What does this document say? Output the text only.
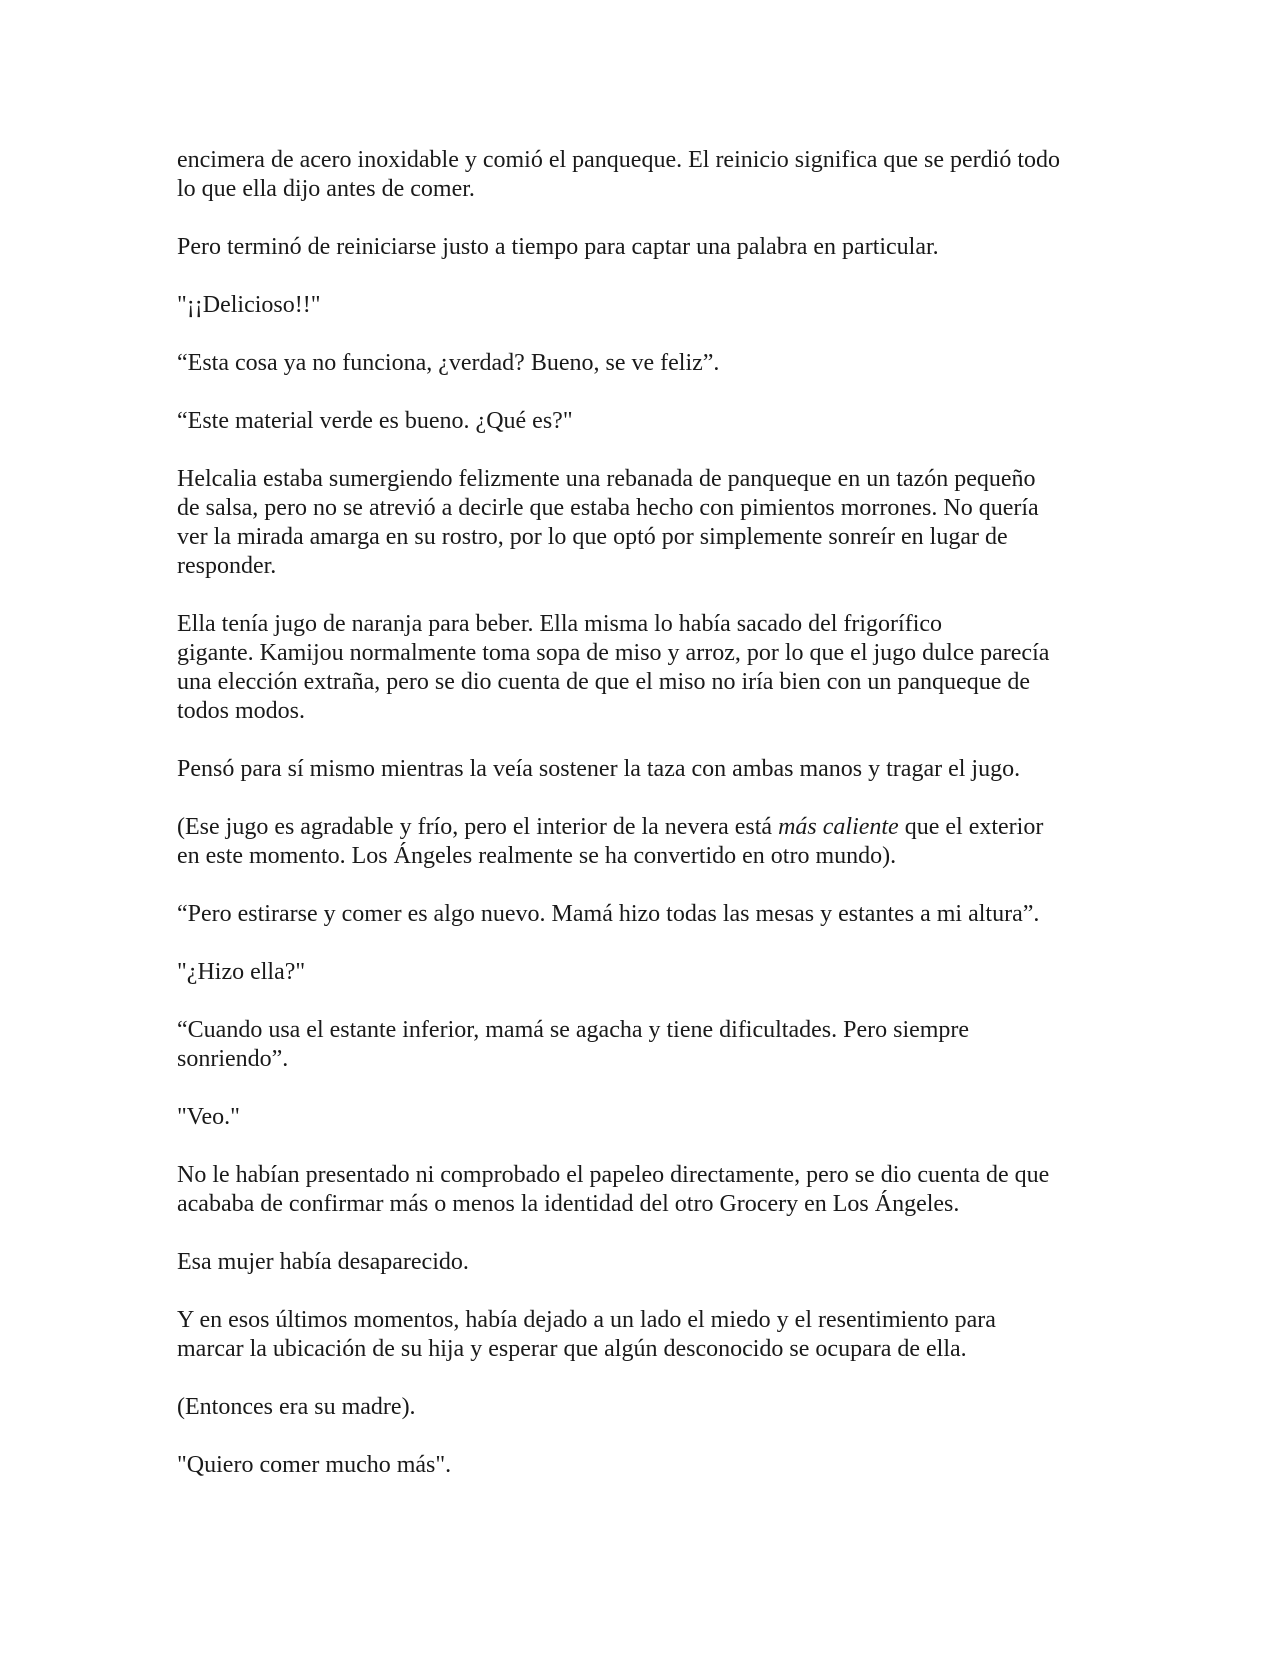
encimera de acero inoxidable y comió el panqueque. El reinicio significa que se perdió todo
lo que ella dijo antes de comer.

Pero terminó de reiniciarse justo a tiempo para captar una palabra en particular.

"¡¡Delicioso!!"

“Esta cosa ya no funciona, ¿verdad? Bueno, se ve feliz”.

“Este material verde es bueno. ¿Qué es?"

Helcalia estaba sumergiendo felizmente una rebanada de panqueque en un tazón pequeño
de salsa, pero no se atrevió a decirle que estaba hecho con pimientos morrones. No quería
ver la mirada amarga en su rostro, por lo que optó por simplemente sonreír en lugar de
responder.

Ella tenía jugo de naranja para beber. Ella misma lo había sacado del frigorífico
gigante. Kamijou normalmente toma sopa de miso y arroz, por lo que el jugo dulce parecía
una elección extraña, pero se dio cuenta de que el miso no iría bien con un panqueque de
todos modos.

Pensó para sí mismo mientras la veía sostener la taza con ambas manos y tragar el jugo.

(Ese jugo es agradable y frío, pero el interior de la nevera está más caliente que el exterior
en este momento. Los Ángeles realmente se ha convertido en otro mundo).

“Pero estirarse y comer es algo nuevo. Mamá hizo todas las mesas y estantes a mi altura”.

"¿Hizo ella?"

“Cuando usa el estante inferior, mamá se agacha y tiene dificultades. Pero siempre
sonriendo”.

"Veo."

No le habían presentado ni comprobado el papeleo directamente, pero se dio cuenta de que
acababa de confirmar más o menos la identidad del otro Grocery en Los Ángeles.

Esa mujer había desaparecido.

Y en esos últimos momentos, había dejado a un lado el miedo y el resentimiento para
marcar la ubicación de su hija y esperar que algún desconocido se ocupara de ella.

(Entonces era su madre).

"Quiero comer mucho más".
